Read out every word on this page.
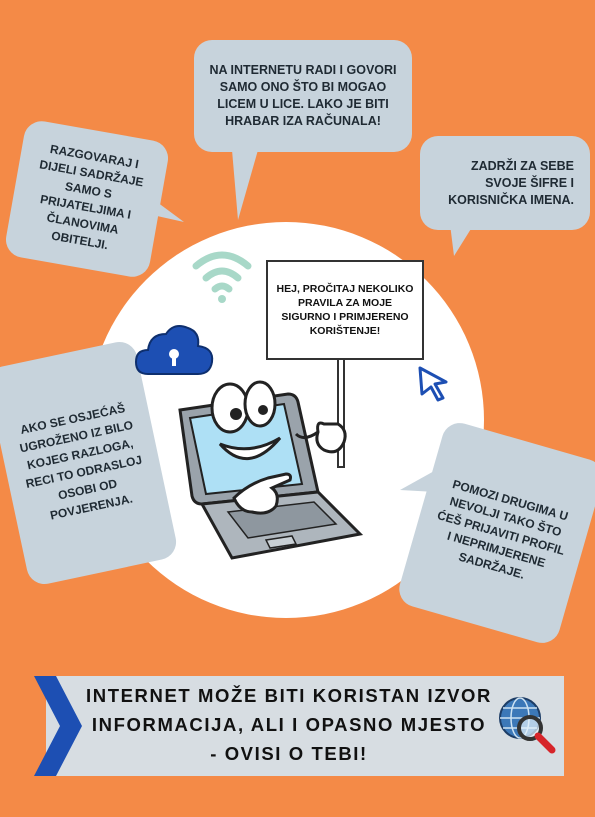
NA INTERNETU RADI I GOVORI SAMO ONO ŠTO BI MOGAO LICEM U LICE. LAKO JE BITI HRABAR IZA RAČUNALA!
RAZGOVARAJ I DIJELI SADRŽAJE SAMO S PRIJATELJIMA I ČLANOVIMA OBITELJI.
ZADRŽI ZA SEBE SVOJE ŠIFRE I KORISNIČKA IMENA.
AKO SE OSJEĆAŠ UGROŽENO IZ BILO KOJEG RAZLOGA, RECI TO ODRASLOJ OSOBI OD POVJERENJA.	POMOZI DRUGIMA U NEVOLJI TAKO ŠTO ĆEŠ PRIJAVITI PROFIL I NEPRIMJERENE SADRŽAJE.
HEJ, PROČITAJ NEKOLIKO PRAVILA ZA MOJE SIGURNO I PRIMJERENO KORIŠTENJE!
INTERNET MOŽE BITI KORISTAN IZVOR INFORMACIJA, ALI I OPASNO MJESTO - OVISI O TEBI!
